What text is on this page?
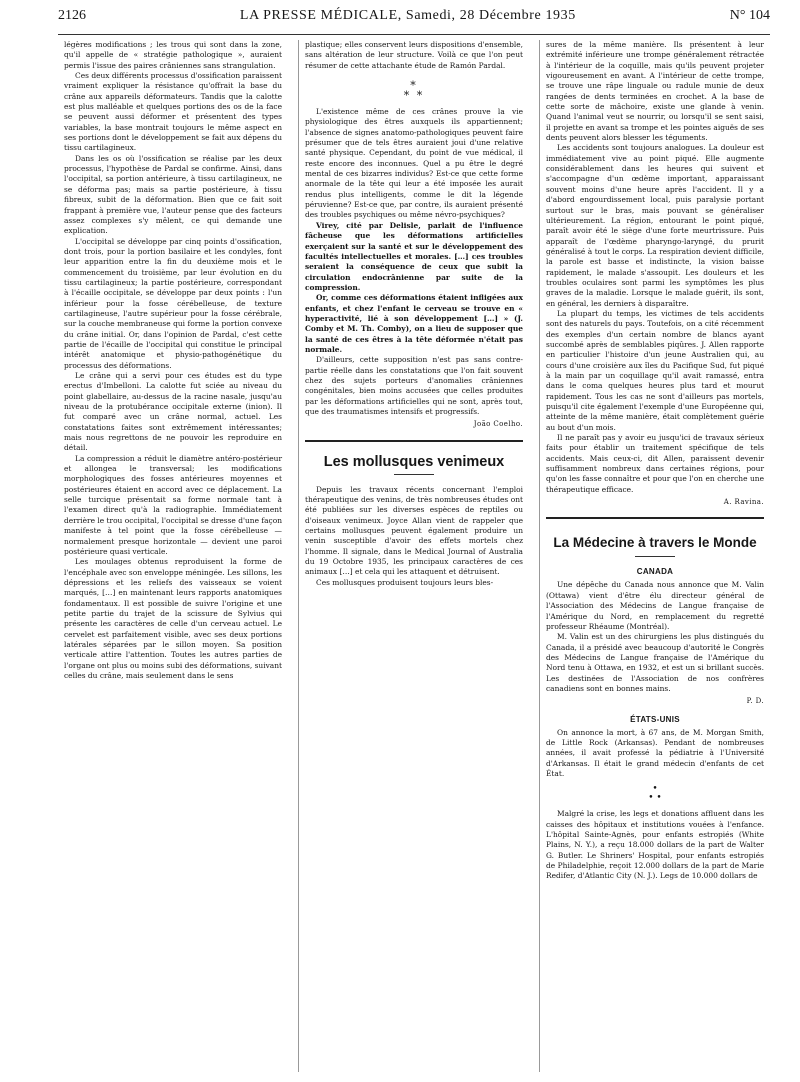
2126	LA PRESSE MÉDICALE, Samedi, 28 Décembre 1935	N° 104

légères modifications ; les trous qui sont dans la zone, qu'il appelle de « stratégie pathologique », auraient permis l'issue des paires crâniennes sans strangulation.

Ces deux différents processus d'ossification paraissent vraiment expliquer la résistance qu'offrait la base du crâne aux appareils déformateurs. Tandis que la calotte est plus malléable et quelques portions des os de la face se peuvent aussi déformer et présentent des types variables, la base montrait toujours le même aspect en ses portions dont le développement se fait aux dépens du tissu cartilagineux.

Dans les os où l'ossification se réalise par les deux processus, l'hypothèse de Pardal se confirme. Ainsi, dans l'occipital, sa portion antérieure, à tissu cartilagineux, ne se déforma pas; mais sa partie postérieure, à tissu fibreux, subit de la déformation. Bien que ce fait soit frappant à première vue, l'auteur pense que des facteurs assez complexes s'y mêlent, ce qui demande une explication.

L'occipital se développe par cinq points d'ossification, dont trois, pour la portion basilaire et les condyles, font leur apparition entre la fin du deuxième mois et le commencement du troisième, par leur évolution en du tissu cartilagineux; la partie postérieure, correspondant à l'écaille occipitale, se développe par deux points : l'un inférieur pour la fosse cérébelleuse, de texture cartilagineuse, l'autre supérieur pour la fosse cérébrale, sur la couche membraneuse qui forme la portion convexe du crâne initial. Or, dans l'opinion de Pardal, c'est cette partie de l'écaille de l'occipital qui constitue le principal intérêt anatomique et physio-pathogénétique du processus des déformations.

Le crâne qui a servi pour ces études est du type erectus d'Imbelloni. La calotte fut sciée au niveau du point glabellaire, au-dessus de la racine nasale, jusqu'au niveau de la protubérance occipitale externe (inion). Il fut comparé avec un crâne normal, actuel. Les constatations faites sont extrêmement intéressantes; mais nous regrettons de ne pouvoir les reproduire en détail.

La compression a réduit le diamètre antéro-postérieur et allongea le transversal; les modifications morphologiques des fosses antérieures moyennes et postérieures étaient en accord avec ce déplacement. La selle turcique présentait sa forme normale tant à l'examen direct qu'à la radiographie. Immédiatement derrière le trou occipital, l'occipital se dresse d'une façon manifeste à tel point que la fosse cérébelleuse — normalement presque horizontale — devient une paroi postérieure quasi verticale.

Les moulages obtenus reproduisent la forme de l'encéphale avec son enveloppe méningée. Les sillons, les dépressions et les reliefs des vaisseaux se voient marqués, […] en maintenant leurs rapports anatomiques fondamentaux. Il est possible de suivre l'origine et une petite partie du trajet de la scissure de Sylvius qui présente les caractères de celle d'un cerveau actuel. Le cervelet est parfaitement visible, avec ses deux portions latérales séparées par le sillon moyen. Sa position verticale attire l'attention. Toutes les autres parties de l'organe ont plus ou moins subi des déformations, suivant celles du crâne, mais seulement dans le sens

plastique; elles conservent leurs dispositions d'ensemble, sans altération de leur structure. Voilà ce que l'on peut résumer de cette attachante étude de Ramón Pardal.

*
* *

L'existence même de ces crânes prouve la vie physiologique des êtres auxquels ils appartiennent; l'absence de signes anatomo-pathologiques peuvent faire présumer que de tels êtres auraient joui d'une relative santé physique. Cependant, du point de vue médical, il reste encore des inconnues. Quel a pu être le degré mental de ces bizarres individus? Est-ce que cette forme anormale de la tête qui leur a été imposée les aurait rendus plus intelligents, comme le dit la légende péruvienne? Est-ce que, par contre, ils auraient présenté des troubles psychiques ou même névro-psychiques?

Virey, cité par Delisle, parlait de l'influence fâcheuse que les déformations artificielles exerçaient sur la santé et sur le développement des facultés intellectuelles et morales. […] ces troubles seraient la conséquence de ceux que subit la circulation endocrânienne par suite de la compression.

Or, comme ces déformations étaient infligées aux enfants, et chez l'enfant le cerveau se trouve en « hyperactivité, lié à son développement […] » (J. Comby et M. Th. Comby), on a lieu de supposer que la santé de ces êtres à la tête déformée n'était pas normale.

D'ailleurs, cette supposition n'est pas sans contre-partie réelle dans les constatations que l'on fait souvent chez des sujets porteurs d'anomalies crâniennes congénitales, bien moins accusées que celles produites par les déformations artificielles qui ne sont, après tout, que des traumatismes intensifs et progressifs.

João Coelho.

Les mollusques venimeux

Depuis les travaux récents concernant l'emploi thérapeutique des venins, de très nombreuses études ont été publiées sur les diverses espèces de reptiles ou d'oiseaux venimeux. Joyce Allan vient de rappeler que certains mollusques peuvent également produire un venin susceptible d'avoir des effets mortels chez l'homme. Il signale, dans le Medical Journal of Australia du 19 Octobre 1935, les principaux caractères de ces animaux […] et cela qui les attaquent et détruisent.

Ces mollusques produisent toujours leurs bles-

sures de la même manière. Ils présentent à leur extrémité inférieure une trompe généralement rétractée à l'intérieur de la coquille, mais qu'ils peuvent projeter vigoureusement en avant. A l'intérieur de cette trompe, se trouve une râpe linguale ou radule munie de deux rangées de dents terminées en crochet. A la base de cette sorte de mâchoire, existe une glande à venin. Quand l'animal veut se nourrir, ou lorsqu'il se sent saisi, il projette en avant sa trompe et les pointes aiguës de ses dents peuvent alors blesser les téguments.

Les accidents sont toujours analogues. La douleur est immédiatement vive au point piqué. Elle augmente considérablement dans les heures qui suivent et s'accompagne d'un œdème important, apparaissant souvent moins d'une heure après l'accident. Il y a d'abord engourdissement local, puis paralysie portant surtout sur le bras, mais pouvant se généraliser ultérieurement. La région, entourant le point piqué, paraît avoir été le siège d'une forte meurtrissure. Puis apparaît de l'œdème pharyngo-laryngé, du prurit généralisé à tout le corps. La respiration devient difficile, la parole est basse et indistincte, la vision baisse rapidement, le malade s'assoupit. Les douleurs et les troubles oculaires sont parmi les symptômes les plus graves de la maladie. Lorsque le malade guérit, ils sont, en général, les derniers à disparaître.

La plupart du temps, les victimes de tels accidents sont des naturels du pays. Toutefois, on a cité récemment des exemples d'un certain nombre de blancs ayant succombé après de semblables piqûres. J. Allen rapporte en particulier l'histoire d'un jeune Australien qui, au cours d'une croisière aux îles du Pacifique Sud, fut piqué à la main par un coquillage qu'il avait ramassé, entra dans le coma quelques heures plus tard et mourut rapidement. Tous les cas ne sont d'ailleurs pas mortels, puisqu'il cite également l'exemple d'une Européenne qui, atteinte de la même manière, était complètement guérie au bout d'un mois.

Il ne paraît pas y avoir eu jusqu'ici de travaux sérieux faits pour établir un traitement spécifique de tels accidents. Mais ceux-ci, dit Allen, paraissent devenir suffisamment nombreux dans certaines régions, pour qu'on les fasse connaître et pour que l'on en cherche une thérapeutique efficace.

A. Ravina.

La Médecine à travers le Monde
CANADA

Une dépêche du Canada nous annonce que M. Valin (Ottawa) vient d'être élu directeur général de l'Association des Médecins de Langue française de l'Amérique du Nord, en remplacement du regretté professeur Rhéaume (Montréal).

M. Valin est un des chirurgiens les plus distingués du Canada, il a présidé avec beaucoup d'autorité le Congrès des Médecins de Langue française de l'Amérique du Nord tenu à Ottawa, en 1932, et est un si brillant succès. Les destinées de l'Association de nos confrères canadiens sont en bonnes mains.

P. D.

ÉTATS-UNIS

On annonce la mort, à 67 ans, de M. Morgan Smith, de Little Rock (Arkansas). Pendant de nombreuses années, il avait professé la pédiatrie à l'Université d'Arkansas. Il était le grand médecin d'enfants de cet État.

•
• •

Malgré la crise, les legs et donations affluent dans les caisses des hôpitaux et institutions vouées à l'enfance. L'hôpital Sainte-Agnès, pour enfants estropiés (White Plains, N. Y.), a reçu 18.000 dollars de la part de Walter G. Butler. Le Shriners' Hospital, pour enfants estropiés de Philadelphie, reçoit 12.000 dollars de la part de Marie Redifer, d'Atlantic City (N. J.). Legs de 10.000 dollars de
